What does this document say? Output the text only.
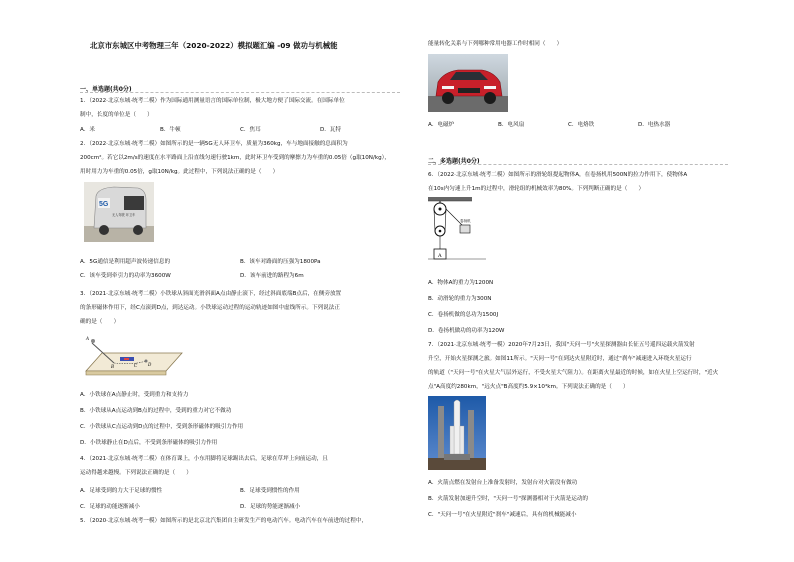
北京市东城区中考物理三年（2020-2022）模拟题汇编 -09 做功与机械能
一、单选题(共0分)
1．（2022·北京东城·统考二模）作为国际通用测量语言的国际单位制，极大地方便了国际交流。在国际单位
制中，长度的单位是（　　）
A．米	B．牛顿	C．焦耳	D．瓦特
2．（2022·北京东城·统考二模）如图所示的是一辆5G无人环卫车，质量为360kg，车与地面接触的总面积为
200cm²。若它以2m/s的速度在水平路面上沿直线匀速行驶1km，此时环卫车受到的摩擦力为车重的0.05倍（g取10N/kg），
用时用力为车重的0.05倍，g取10N/kg。此过程中，下列说法正确的是（　　）
5G
无人驾驶 环卫车
A．5G通信是利用超声波传递信息的	B．该车对路面的压强为1800Pa
C．该车受到牵引力的功率为3600W	D．该车前进的路程为6m
3．（2021·北京东城·统考二模）小铁球从斜面光滑斜面A点由静止滚下，经过斜面底端B点后，在侧旁放置
的条形磁体作用下，经C点滚到D点，到达运动。小铁球运动过程的运动轨迹如图中虚线所示。下列说法正
确的是（　　）
A
B	C	D
A．小铁球在A点静止时，受到重力和支持力
B．小铁球从A点运动到B点的过程中，受到的重力对它不做功
C．小铁球从C点运动到D点的过程中，受到条形磁体的吸引力作用
D．小铁球静止在D点后，不受到条形磁体的吸引力作用
4．（2021·北京东城·统考二模）在体育课上，小东用脚将足球踢出去后，足球在草坪上向前运动，且
运动得越来越慢。下列说法正确的是（　　）
A．足球受到的力大于足球的惯性	B．足球受到惯性的作用
C．足球的动能逐渐减小	D．足球的势能逐渐减小
5．（2020·北京东城·统考一模）如图所示的是北京北汽集团自主研发生产的电动汽车。电动汽车在车前进的过程中，
能量转化关系与下列哪种常用电器工作时相同（　　）
A．电磁炉	B．电风扇	C．电烙铁	D．电热水器
二、多选题(共0分)
6．（2022·北京东城·统考二模）如图所示的滑轮组提起物体A，在卷扬机用500N的拉力作用下，使物体A
在10s内匀速上升1m的过程中，滑轮组的机械效率为80%。下列判断正确的是（　　）
A
卷扬机
A．物体A的重力为1200N
B．动滑轮的重力为300N
C．卷扬机做的总功为1500J
D．卷扬机做功的功率为120W
7．（2021·北京东城·统考一模）2020年7月23日，我国"天问一号"火星探测器由长征五号遥四运载火箭发射
升空，开始火星探测之旅。如图11所示。"天问一号"在到达火星附近时，通过"刹车"减速进入环绕火星运行
的轨道（"天问一号"在火星大气层外运行，不受火星大气阻力）。在距离火星最近的时候，如在火星上空运行时，"近火
点"A高度约280km，"远火点"B高度约5.9×10⁴km。下列说法正确的是（　　）
A．火箭点燃在发射台上准备发射时，发射台对火箭没有做功
B．火箭发射加速升空时，"天问一号"探测器相对于火箭是运动的
C．"天问一号"在火星附近"刹车"减速后，具有的机械能减小
